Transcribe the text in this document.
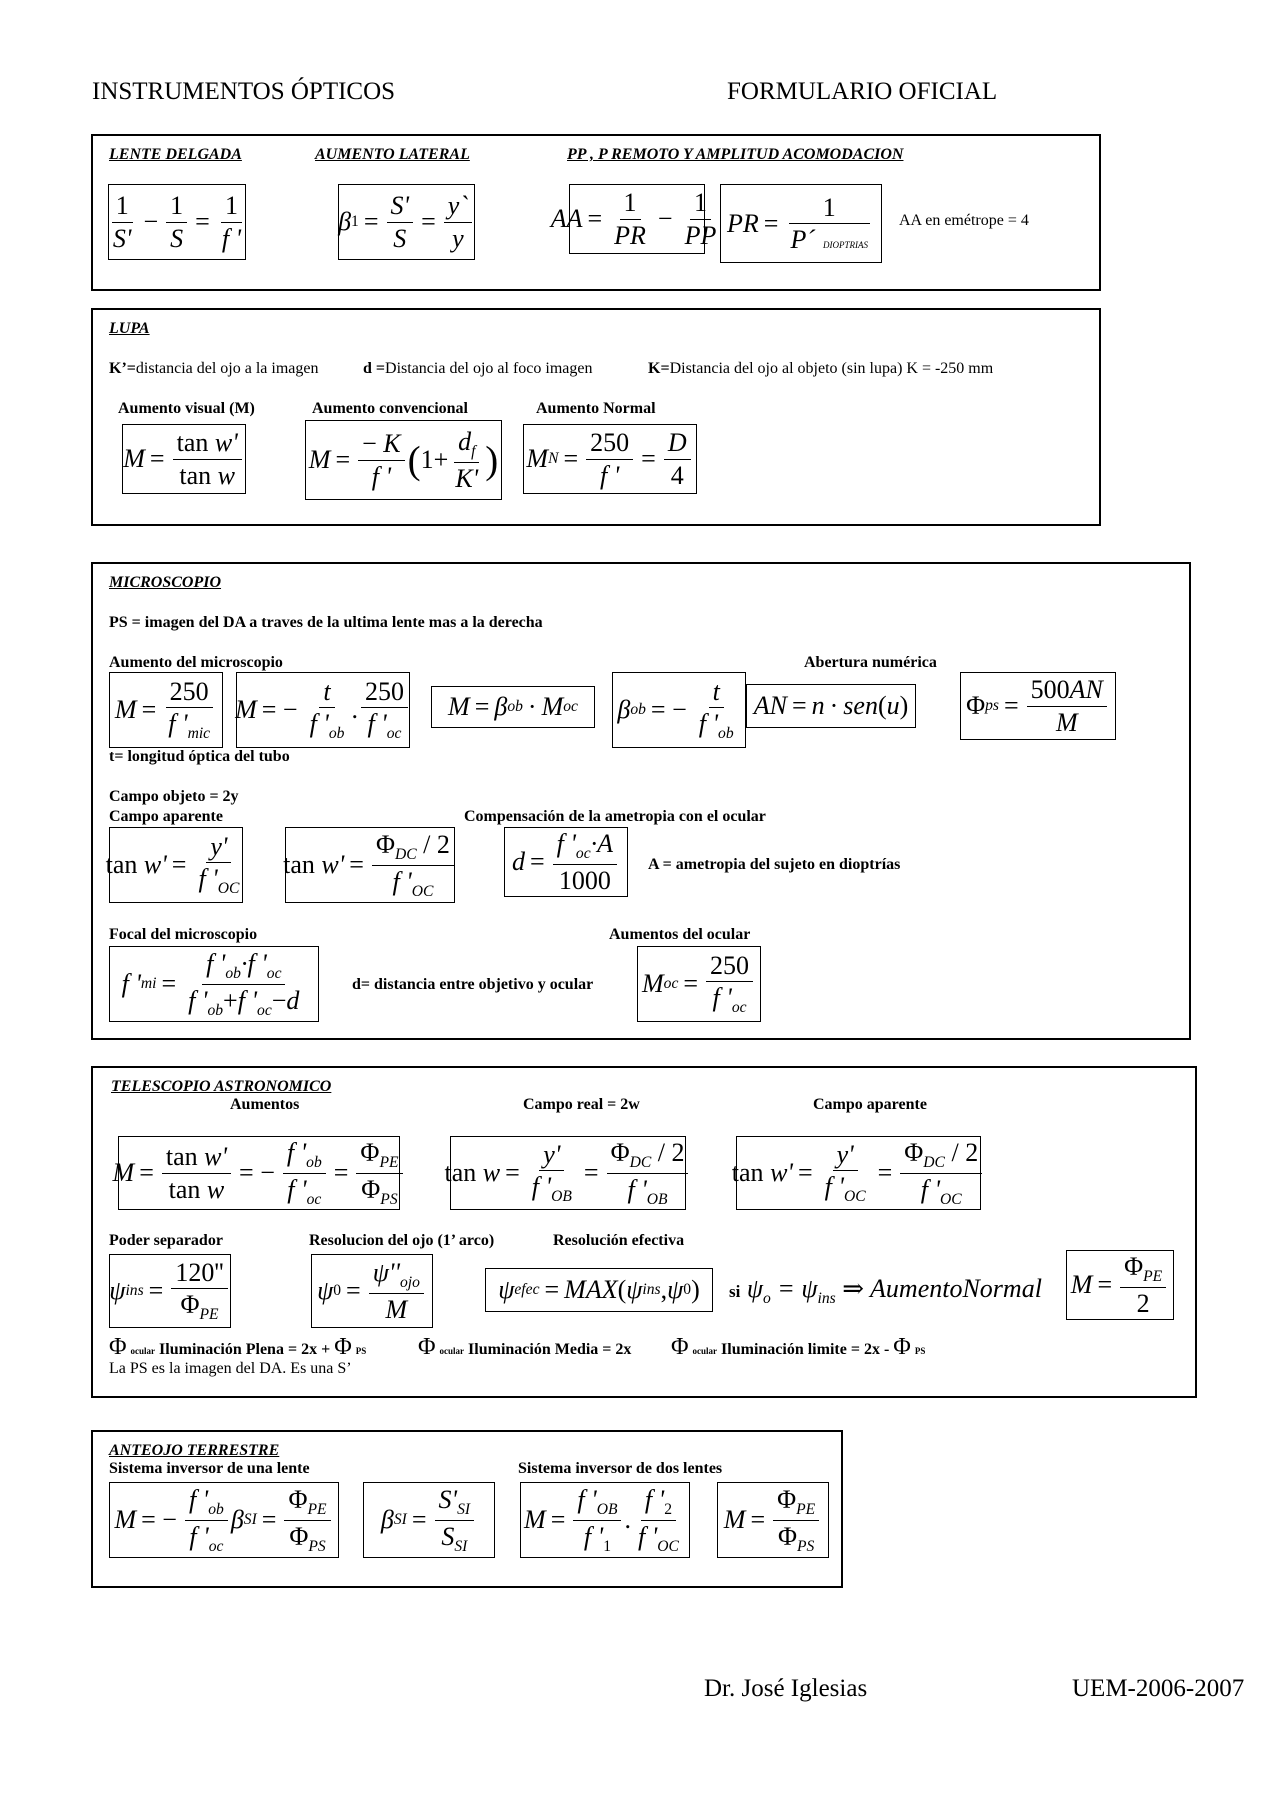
INSTRUMENTOS ÓPTICOS	FORMULARIO OFICIAL
LENTE DELGADA	AUMENTO LATERAL	PP , P REMOTO Y AMPLITUD ACOMODACION
$\frac{1}{S'} - \frac{1}{S} = \frac{1}{f '}$	β $1 = \frac{S'}{S} = \frac{y`}{y}$	AA = $\frac{1}{PR} - \frac{1}{PP}$ PR = $\frac{1}{\text{P´ DIOPTRIAS}}$ AA en emétrope = 4
LUPA
K’=distancia del ojo a la imagen	d =Distancia del ojo al foco imagen	K=Distancia del ojo al objeto (sin lupa) K = -250 mm
Aumento visual (M)	Aumento convencional	Aumento Normal
$M = \frac{\text{tan w'}}{\text{tan w}}$	$M = \frac{- K}{f '}$ ( $1+ \frac{d_f}{K'}$ ) M $N = \frac{250}{f '} = \frac{D}{4}$
MICROSCOPIO
PS = imagen del DA a traves de la ultima lente mas a la derecha
Aumento del microscopio	Abertura numérica
$M = \frac{250}{f '_{mic}}$ M = − $\frac{t}{f '_{ob}}$ . $\frac{250}{f '_{oc}}$	M = β ob · M oc β ob = − $\frac{t}{f '_{ob}}$ AN = n · sen ( u ) Φ ps = $\frac{500AN}{M}$
t= longitud óptica del tubo
Campo objeto = 2y
Campo aparente	Compensación de la ametropia con el ocular
$\tan w' = \frac{y'}{f '_{OC}}$ $\tan w' = \frac{\Phi_{DC} / 2}{f '_{OC}}$	$d = \frac{f '_{oc}\cdot A}{1000}$ A = ametropia del sujeto en dioptrías
Focal del microscopio	Aumentos del ocular
f ' mi = $\frac{f '_{ob}\cdot f '_{oc}}{f '_{ob}+f '_{oc}-d}$	d= distancia entre objetivo y ocular M oc = $\frac{250}{f '_{oc}}$
TELESCOPIO ASTRONOMICO
Aumentos	Campo real = 2w	Campo aparente
$M = \frac{\text{tan w'}}{\text{tan w}}$ = − $\frac{f '_{ob}}{f '_{oc}} = \frac{\Phi_{PE}}{\Phi_{PS}}$ $\tan w = \frac{y'}{f '_{OB}} = \frac{\Phi_{DC} / 2}{f '_{OB}}$ $\tan w' = \frac{y'}{f '_{OC}} = \frac{\Phi_{DC} / 2}{f '_{OC}}$
Poder separador	Resolucion del ojo (1’ arco)	Resolución efectiva
ψ ins = $\frac{120''}{\Phi_{PE}}$	ψ $0 = \frac{\psi''_{ojo}}{M}$	ψ efec = MAX ( ψ ins , ψ 0 ) si $\psi_o = \psi_{ins}$ ⇒ AumentoNormal $M = \frac{\Phi_{PE}}{2}$
Φ ocular Iluminación Plena = 2x + Φ PS Φ ocular Iluminación Media = 2x Φ ocular Iluminación limite = 2x - Φ PS
La PS es la imagen del DA. Es una S’
ANTEOJO TERRESTRE
Sistema inversor de una lente	Sistema inversor de dos lentes
M = − $\frac{f '_{ob}}{f '_{oc}}$ β SI = $\frac{\Phi_{PE}}{\Phi_{PS}}$	β SI = $\frac{S'_{SI}}{S_{SI}}$ $M = \frac{f '_{OB}}{f '_1}$ . $\frac{f '_2}{f '_{OC}}$ $M = \frac{\Phi_{PE}}{\Phi_{PS}}$
Dr. José Iglesias	UEM-2006-2007
